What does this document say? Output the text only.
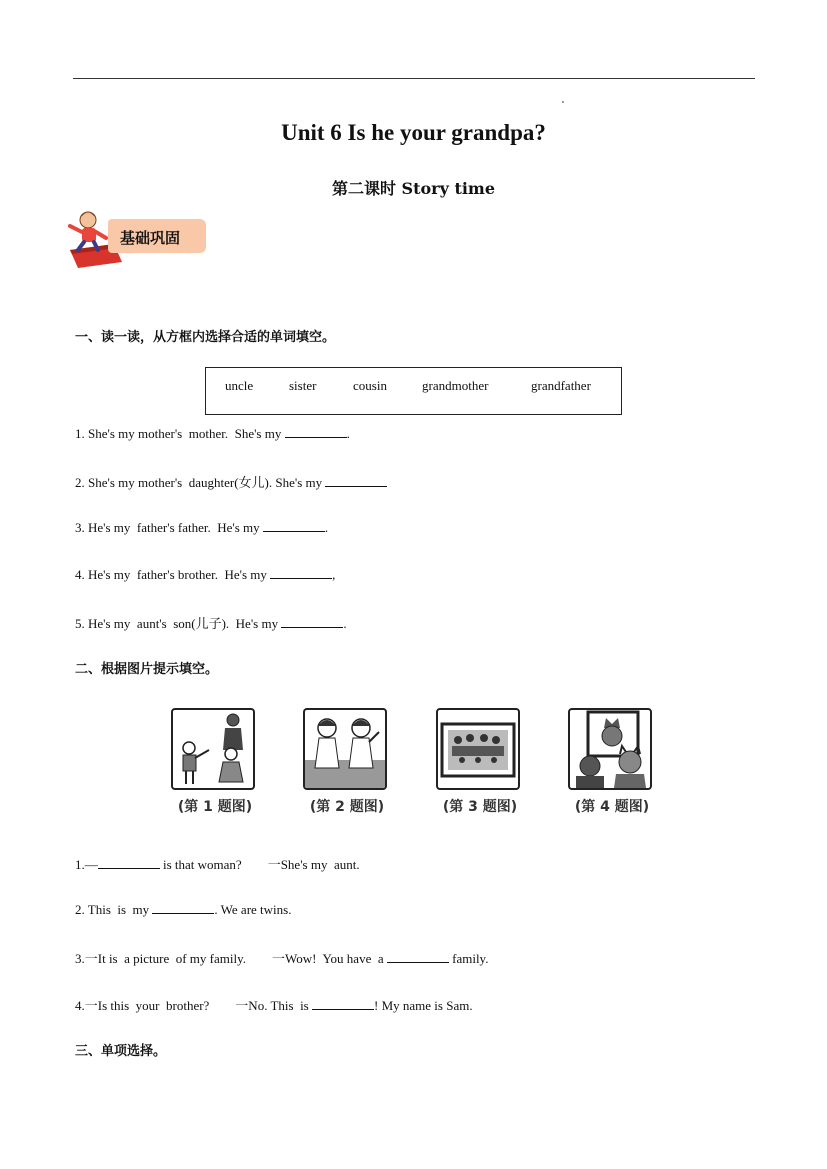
Unit 6 Is he your grandpa?
第二课时 Story time
基础巩固
一、读一读，从方框内选择合适的单词填空。
uncle	sister	cousin	grandmother	grandfather
1. She's my mother's  mother.  She's my	.
2. She's my mother's  daughter(女儿). She's my
3. He's my  father's father.  He's my	.
4. He's my  father's brother.  He's my	,
5. He's my  aunt's  son(儿子).  He's my	.
二、根据图片提示填空。
(第 1 题图)	(第 2 题图)	(第 3 题图)	(第 4 题图)
1.—	is that woman?        一She's my  aunt.
2. This  is  my	. We are twins.
3.一It is  a picture  of my family.        一Wow!  You have  a	family.
4.一Is this  your  brother?        一No. This  is	! My name is Sam.
三、单项选择。
